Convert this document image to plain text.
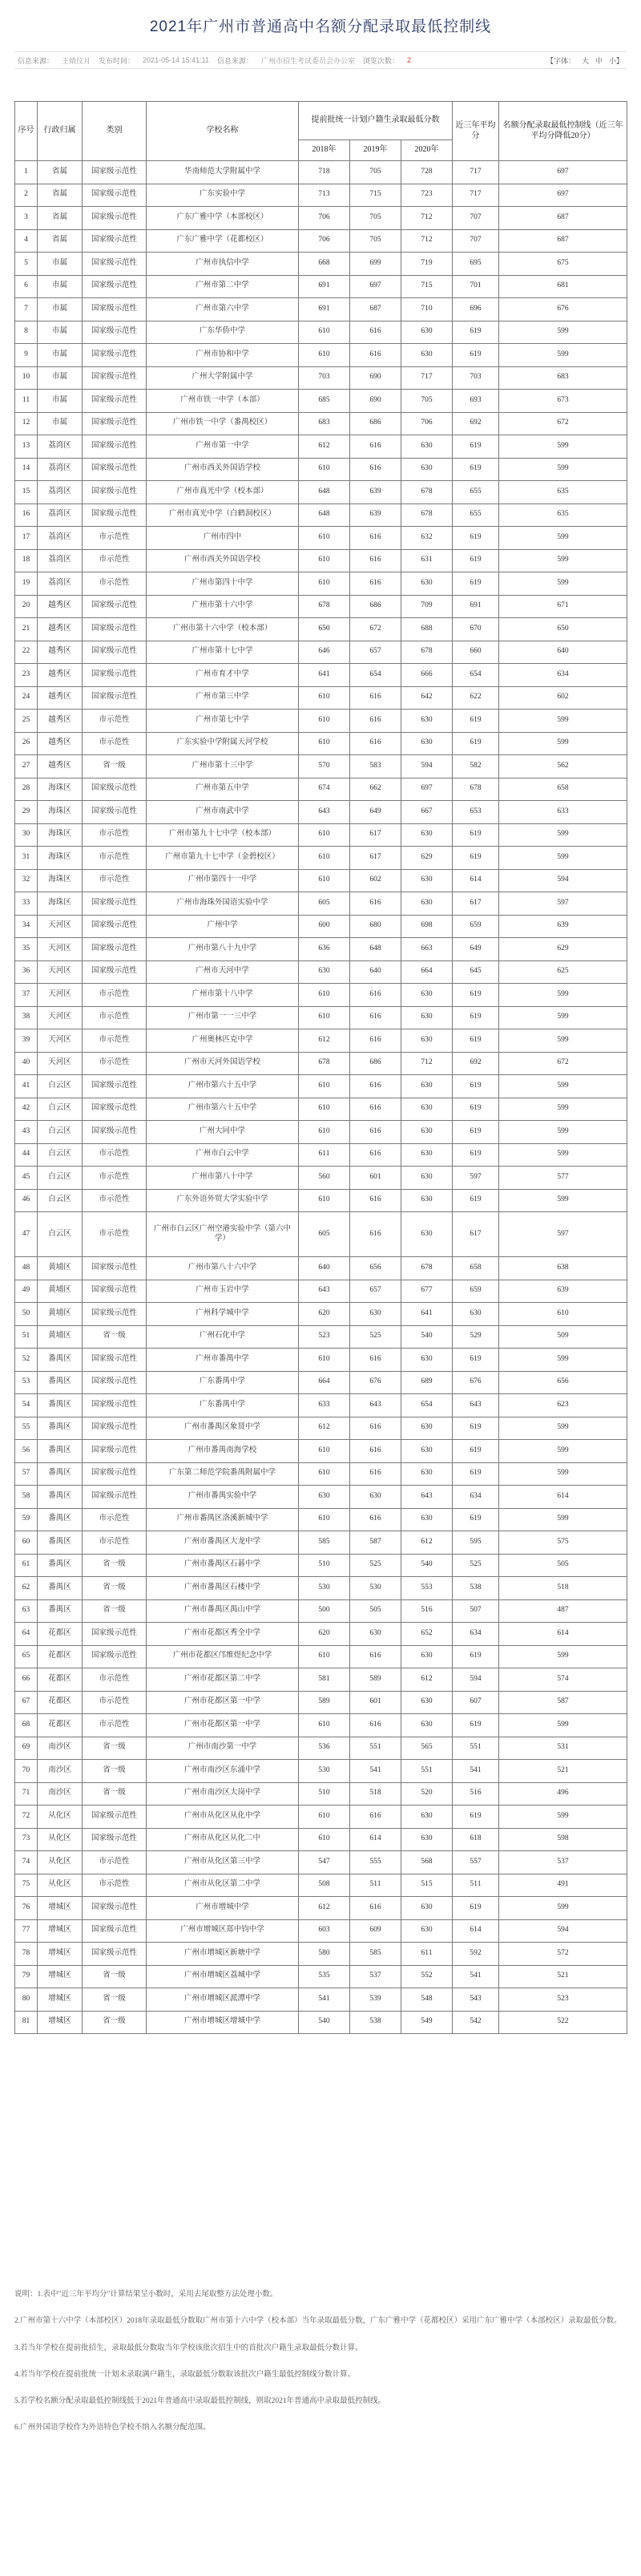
2021年广州市普通高中名额分配录取最低控制线
信息来源： 王婧仪月 发布时间： 2021-05-14 15:41:11 信息来源： 广州市招生考试委员会办公室 浏览次数： 2	【字体： 大 中 小】
序号	行政归属	类别	学校名称	提前批统一计划户籍生录取最低分数			近三年平均分	名额分配录取最低控制线（近三年平均分降低20分）
				2018年	2019年	2020年		
1	省属	国家级示范性	华南师范大学附属中学	718	705	728	717	697
2	省属	国家级示范性	广东实验中学	713	715	723	717	697
3	省属	国家级示范性	广东广雅中学（本部校区）	706	705	712	707	687
4	省属	国家级示范性	广东广雅中学（花都校区）	706	705	712	707	687
5	市属	国家级示范性	广州市执信中学	668	699	719	695	675
6	市属	国家级示范性	广州市第二中学	691	697	715	701	681
7	市属	国家级示范性	广州市第六中学	691	687	710	696	676
8	市属	国家级示范性	广东华侨中学	610	616	630	619	599
9	市属	国家级示范性	广州市协和中学	610	616	630	619	599
10	市属	国家级示范性	广州大学附属中学	703	690	717	703	683
11	市属	国家级示范性	广州市铁一中学（本部）	685	690	705	693	673
12	市属	国家级示范性	广州市铁一中学（番禺校区）	683	686	706	692	672
13	荔湾区	国家级示范性	广州市第一中学	612	616	630	619	599
14	荔湾区	国家级示范性	广州市西关外国语学校	610	616	630	619	599
15	荔湾区	国家级示范性	广州市真光中学（校本部）	648	639	678	655	635
16	荔湾区	国家级示范性	广州市真光中学（白鹤洞校区）	648	639	678	655	635
17	荔湾区	市示范性	广州市四中	610	616	632	619	599
18	荔湾区	市示范性	广州市西关外国语学校	610	616	631	619	599
19	荔湾区	市示范性	广州市第四十中学	610	616	630	619	599
20	越秀区	国家级示范性	广州市第十六中学	678	686	709	691	671
21	越秀区	国家级示范性	广州市第十六中学（校本部）	650	672	688	670	650
22	越秀区	国家级示范性	广州市第十七中学	646	657	678	660	640
23	越秀区	国家级示范性	广州市育才中学	641	654	666	654	634
24	越秀区	国家级示范性	广州市第三中学	610	616	642	622	602
25	越秀区	市示范性	广州市第七中学	610	616	630	619	599
26	越秀区	市示范性	广东实验中学附属天河学校	610	616	630	619	599
27	越秀区	省一级	广州市第十三中学	570	583	594	582	562
28	海珠区	国家级示范性	广州市第五中学	674	662	697	678	658
29	海珠区	国家级示范性	广州市南武中学	643	649	667	653	633
30	海珠区	市示范性	广州市第九十七中学（校本部）	610	617	630	619	599
31	海珠区	市示范性	广州市第九十七中学（金碧校区）	610	617	629	619	599
32	海珠区	市示范性	广州市第四十一中学	610	602	630	614	594
33	海珠区	国家级示范性	广州市海珠外国语实验中学	605	616	630	617	597
34	天河区	国家级示范性	广州中学	600	680	698	659	639
35	天河区	国家级示范性	广州市第八十九中学	636	648	663	649	629
36	天河区	国家级示范性	广州市天河中学	630	640	664	645	625
37	天河区	市示范性	广州市第十八中学	610	616	630	619	599
38	天河区	市示范性	广州市第一一三中学	610	616	630	619	599
39	天河区	市示范性	广州奥林匹克中学	612	616	630	619	599
40	天河区	市示范性	广州市天河外国语学校	678	686	712	692	672
41	白云区	国家级示范性	广州市第六十五中学	610	616	630	619	599
42	白云区	国家级示范性	广州市第六十五中学	610	616	630	619	599
43	白云区	国家级示范性	广州大同中学	610	616	630	619	599
44	白云区	市示范性	广州市白云中学	611	616	630	619	599
45	白云区	市示范性	广州市第八十中学	560	601	630	597	577
46	白云区	市示范性	广东外语外贸大学实验中学	610	616	630	619	599
47	白云区	市示范性	广州市白云区广州空港实验中学（第六中学）	605	616	630	617	597
48	黄埔区	国家级示范性	广州市第八十六中学	640	656	678	658	638
49	黄埔区	国家级示范性	广州市玉岩中学	643	657	677	659	639
50	黄埔区	国家级示范性	广州科学城中学	620	630	641	630	610
51	黄埔区	省一级	广州石化中学	523	525	540	529	509
52	番禺区	国家级示范性	广州市番禺中学	610	616	630	619	599
53	番禺区	国家级示范性	广东番禺中学	664	676	689	676	656
54	番禺区	国家级示范性	广东番禺中学	633	643	654	643	623
55	番禺区	国家级示范性	广州市番禺区象贤中学	612	616	630	619	599
56	番禺区	国家级示范性	广州市番禺南海学校	610	616	630	619	599
57	番禺区	国家级示范性	广东第二师范学院番禺附属中学	610	616	630	619	599
58	番禺区	国家级示范性	广州市番禺实验中学	630	630	643	634	614
59	番禺区	市示范性	广州市番禺区洛溪新城中学	610	616	630	619	599
60	番禺区	市示范性	广州市番禺区大龙中学	585	587	612	595	575
61	番禺区	省一级	广州市番禺区石碁中学	510	525	540	525	505
62	番禺区	省一级	广州市番禺区石楼中学	530	530	553	538	518
63	番禺区	省一级	广州市番禺区禺山中学	500	505	516	507	487
64	花都区	国家级示范性	广州市花都区秀全中学	620	630	652	634	614
65	花都区	国家级示范性	广州市花都区邝维煜纪念中学	610	616	630	619	599
66	花都区	市示范性	广州市花都区第二中学	581	589	612	594	574
67	花都区	市示范性	广州市花都区第一中学	589	601	630	607	587
68	花都区	市示范性	广州市花都区第一中学	610	616	630	619	599
69	南沙区	省一级	广州市南沙第一中学	536	551	565	551	531
70	南沙区	省一级	广州市南沙区东涌中学	530	541	551	541	521
71	南沙区	省一级	广州市南沙区大岗中学	510	518	520	516	496
72	从化区	国家级示范性	广州市从化区从化中学	610	616	630	619	599
73	从化区	国家级示范性	广州市从化区从化二中	610	614	630	618	598
74	从化区	市示范性	广州市从化区第三中学	547	555	568	557	537
75	从化区	市示范性	广州市从化区第二中学	508	511	515	511	491
76	增城区	国家级示范性	广州市增城中学	612	616	630	619	599
77	增城区	国家级示范性	广州市增城区郑中钧中学	603	609	630	614	594
78	增城区	国家级示范性	广州市增城区新塘中学	580	585	611	592	572
79	增城区	省一级	广州市增城区荔城中学	535	537	552	541	521
80	增城区	省一级	广州市增城区派潭中学	541	539	548	543	523
81	增城区	省一级	广州市增城区增城中学	540	538	549	542	522

说明：1.表中"近三年平均分"计算结果呈小数时，采用去尾取整方法处理小数。

2.广州市第十六中学（本部校区）2018年录取最低分数取广州市第十六中学（校本部）当年录取最低分数，广东广雅中学（花都校区）采用广东广雅中学（本部校区）录取最低分数。

3.若当年学校在提前批招生，录取最低分数取当年学校该批次招生中的首批次户籍生录取最低分数计算。

4.若当年学校在提前批统一计划未录取满户籍生，录取最低分数取该批次户籍生最低控制线分数计算。

5.若学校名额分配录取最低控制线低于2021年普通高中录取最低控制线，则取2021年普通高中录取最低控制线。

6.广州外国语学校作为外语特色学校不纳入名额分配范围。
